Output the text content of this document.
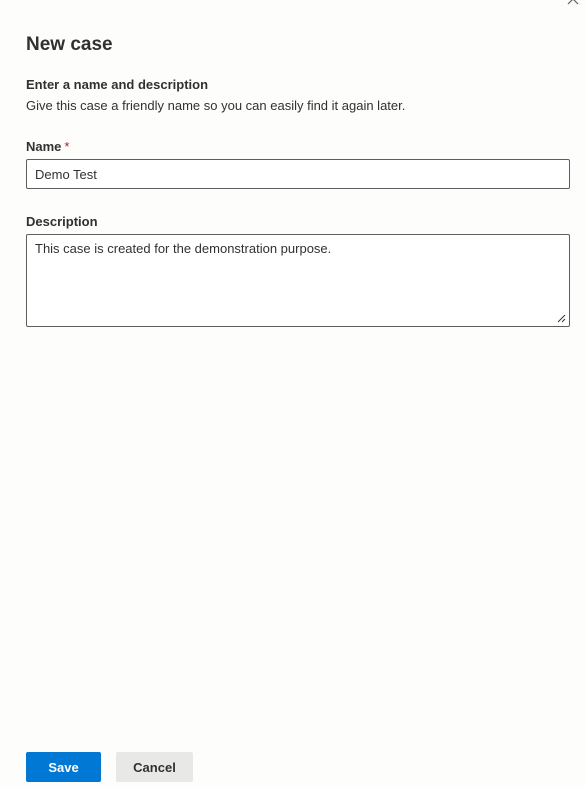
New case
Enter a name and description
Give this case a friendly name so you can easily find it again later.
Name *
Demo Test
Description
This case is created for the demonstration purpose.
Save	Cancel
